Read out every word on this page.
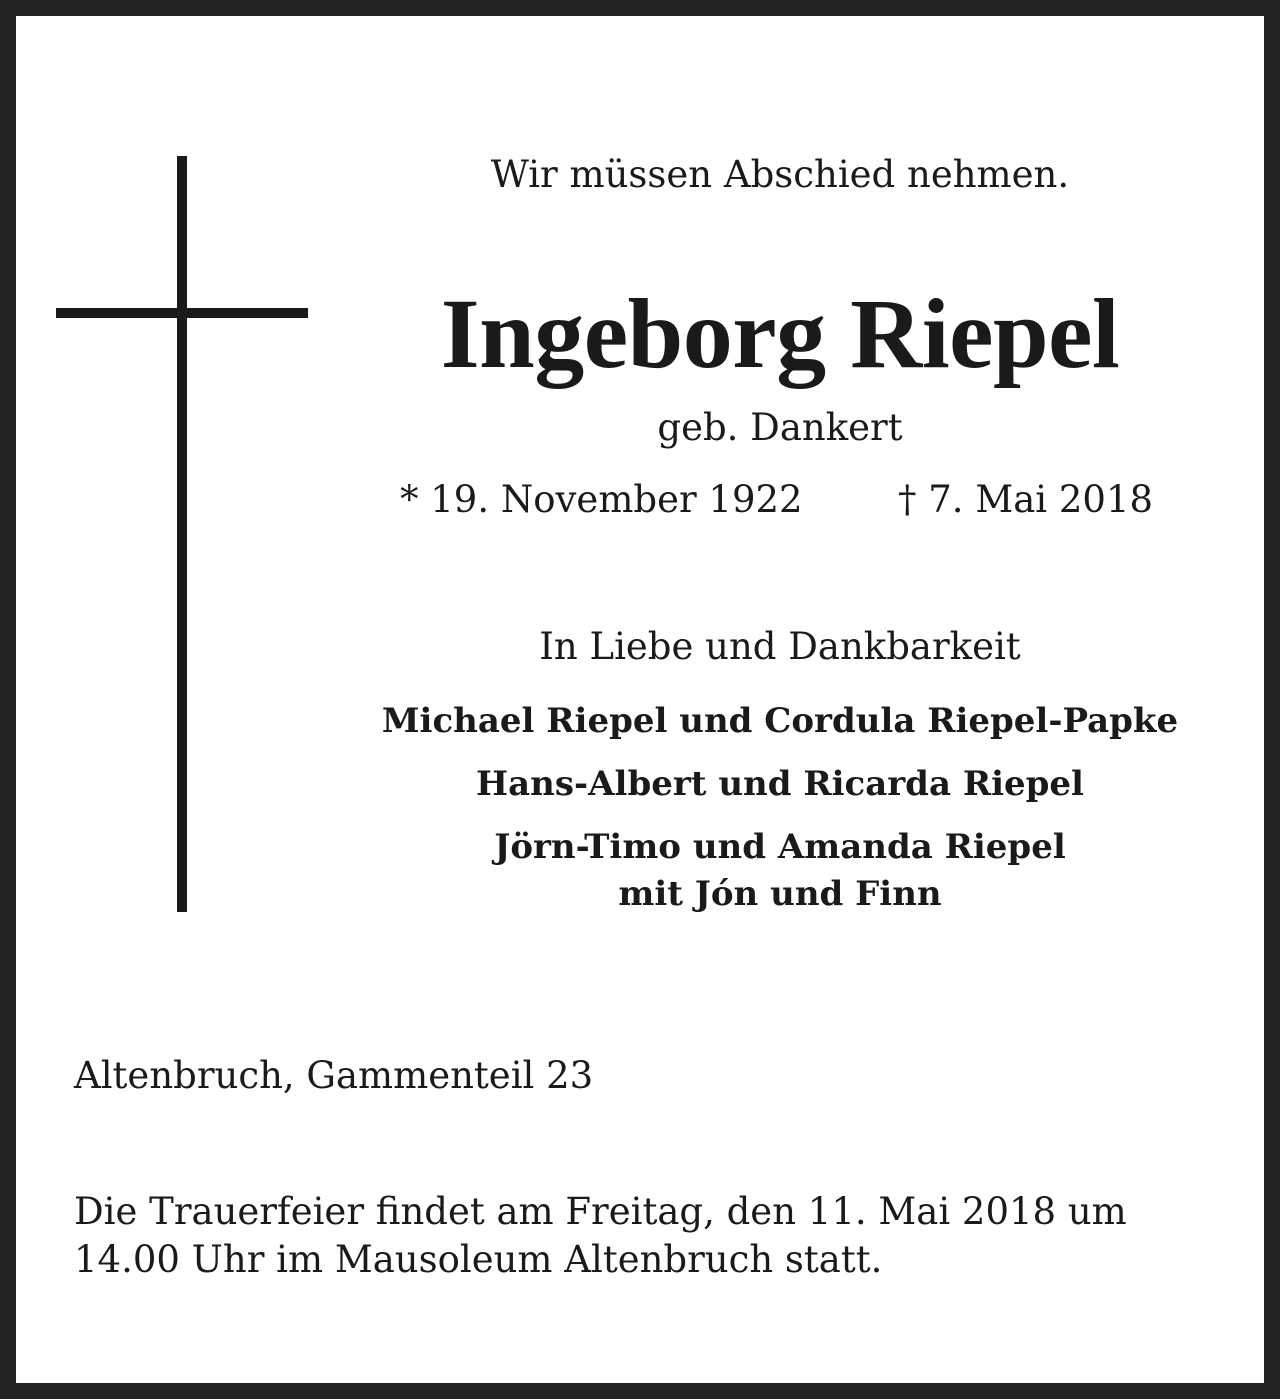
Wir müssen Abschied nehmen.
Ingeborg Riepel
geb. Dankert
* 19. November 1922	† 7. Mai 2018
In Liebe und Dankbarkeit
Michael Riepel und Cordula Riepel-Papke
Hans-Albert und Ricarda Riepel
Jörn-Timo und Amanda Riepel
mit Jón und Finn
Altenbruch, Gammenteil 23
Die Trauerfeier findet am Freitag, den 11. Mai 2018 um
14.00 Uhr im Mausoleum Altenbruch statt.
